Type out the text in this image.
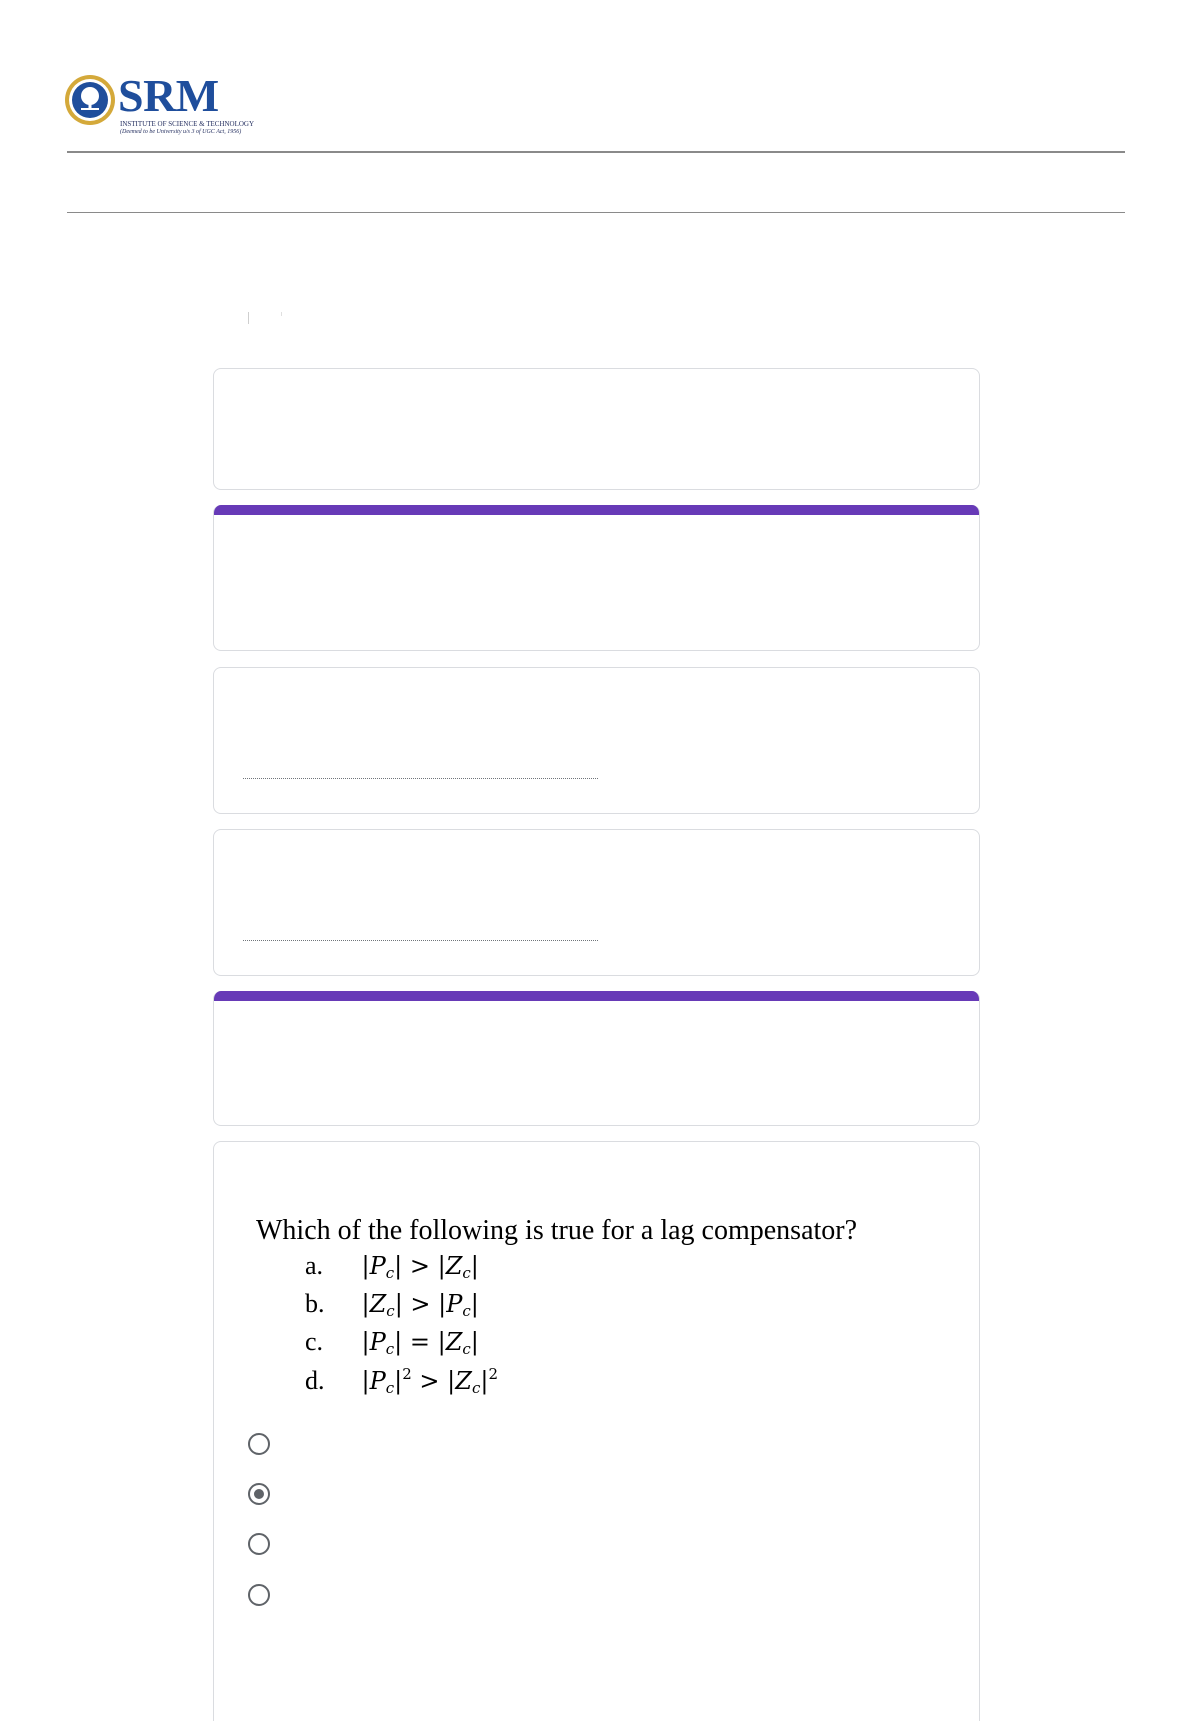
SRM
INSTITUTE OF SCIENCE & TECHNOLOGY
(Deemed to be University u/s 3 of UGC Act, 1956)
Which of the following is true for a lag compensator?
a. $|P_c| > |Z_c|$
b. $|Z_c| > |P_c|$
c. $|P_c| = |Z_c|$
d. $|P_c|^2 > |Z_c|^2$
